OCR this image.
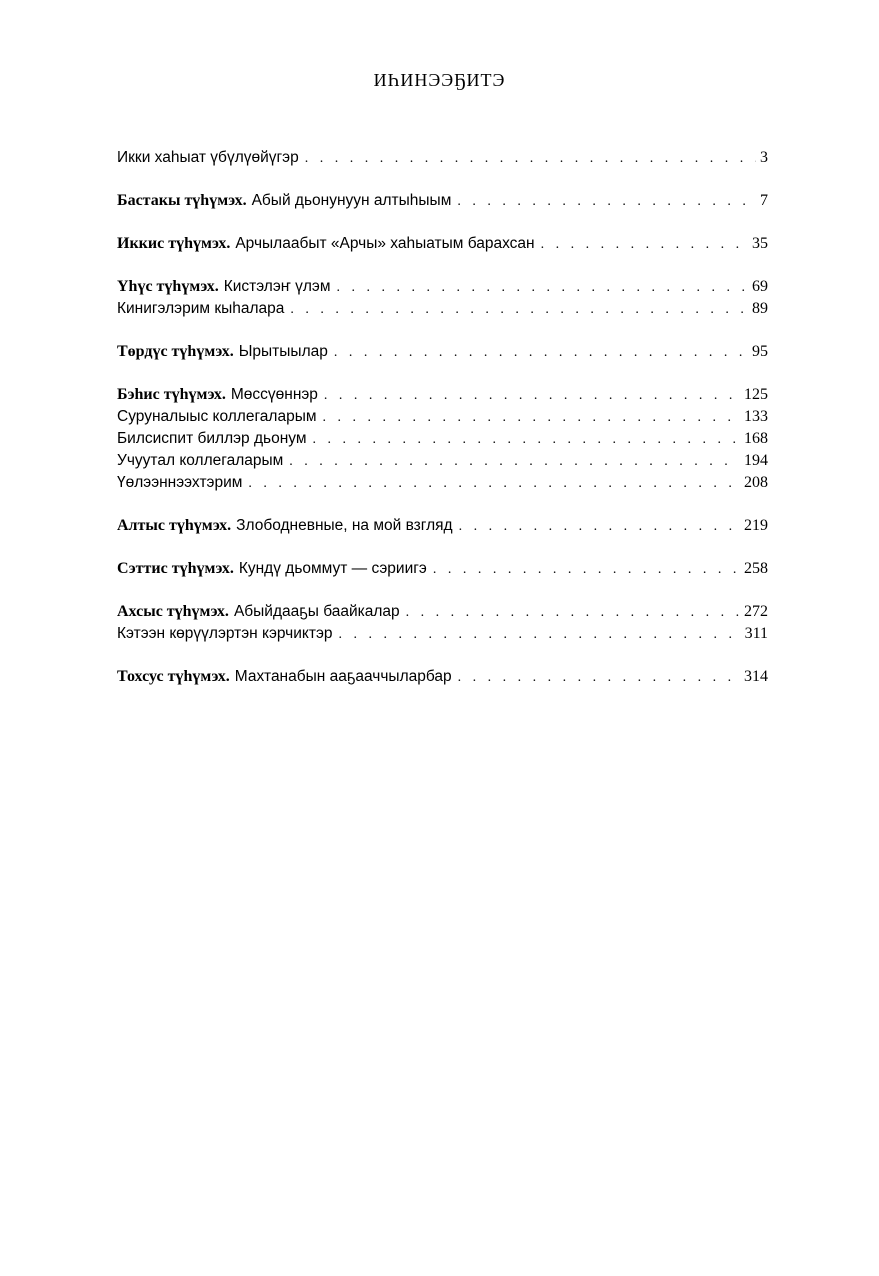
ИҺИНЭЭҔИТЭ
Икки хаһыат үбүлүөйүгэр . . .	3
Бастакы түһүмэх. Абый дьонунуун алтыһыым . . .	7
Иккис түһүмэх. Арчылаабыт «Арчы» хаһыатым барахсан . . .	35
Үһүс түһүмэх. Кистэлэҥ үлэм . . .	69
Кинигэлэрим кыһалара . . .	89
Төрдүс түһүмэх. Ырытыылар . . .	95
Бэһис түһүмэх. Мөссүөннэр . . .	125
Суруналыыс коллегаларым . . .	133
Билсиспит биллэр дьонум . . .	168
Учуутал коллегаларым . . .	194
Үөлээннээхтэрим . . .	208
Алтыс түһүмэх. Злободневные, на мой взгляд . . .	219
Сэттис түһүмэх. Кундү дьоммут — сэриигэ . . .	258
Ахсыс түһүмэх. Абыйдааҕы баайкалар . . .	272
Кэтээн көрүүлэртэн кэрчиктэр . . .	311
Тохсус түһүмэх. Махтанабын ааҕааччыларбар . . .	314
